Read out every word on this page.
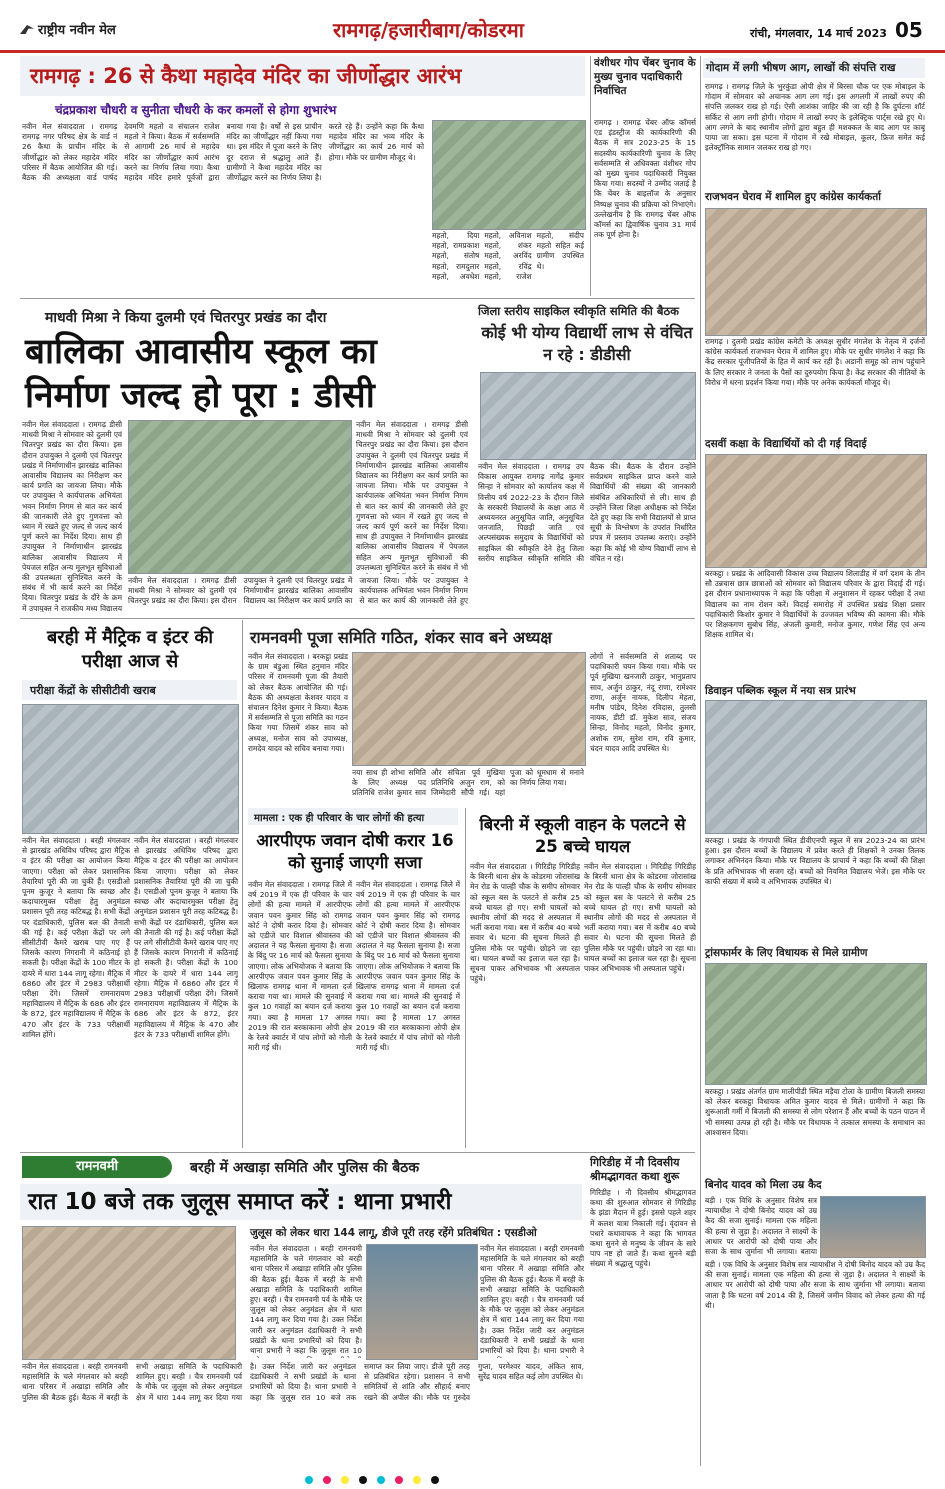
राष्ट्रीय नवीन मेल	रामगढ़/हजारीबाग/कोडरमा	रांची, मंगलवार, 14 मार्च 2023 05
रामगढ़ : 26 से कैथा महादेव मंदिर का जीर्णोद्धार आरंभ
चंद्रप्रकाश चौधरी व सुनीता चौधरी के कर कमलों से होगा शुभारंभ
नवीन मेल संवाददाता । रामगढ़ रामगढ़ नगर परिषद क्षेत्र के वार्ड नं 26 कैथा के प्राचीन मंदिर के जीर्णोद्धार को लेकर महादेव मंदिर परिसर में बैठक आयोजित की गई। बैठक की अध्यक्षता वार्ड पार्षद देवमणि महतो व संचालन राजेश महतो ने किया। बैठक में सर्वसम्मति से आगामी 26 मार्च से महादेव मंदिर का जीर्णोद्धार कार्य आरंभ करने का निर्णय लिया गया। कैथा महादेव मंदिर हमारे पूर्वजों द्वारा बनाया गया है। वर्षों से इस प्राचीन मंदिर का जीर्णोद्धार नहीं किया गया था। इस मंदिर में पूजा करने के लिए दूर दराज से श्रद्धालु आते हैं। ग्रामीणों ने कैथा महादेव मंदिर का जीर्णोद्धार करने का निर्णय लिया है। करते रहे हैं। उन्होंने कहा कि कैथा महादेव मंदिर का भव्य मंदिर के जीर्णोद्धार का कार्य 26 मार्च को होगा। मौके पर ग्रामीण मौजूद थे।
महतो, दिया महतो, रामप्रकाश महतो, संतोष महतो, रामदुलार महतो, अवधेश महतो, अविनाश महतो, शंकर महतो, अरविंद महतो, रविंद्र महतो, राजेश महतो, संदीप महतो सहित कई ग्रामीण उपस्थित थे।
वंशीधर गोप चेंबर चुनाव के मुख्य चुनाव पदाधिकारी निर्वाचित
रामगढ़ । रामगढ़ चेंबर ऑफ कॉमर्स एंड इंडस्ट्रीज की कार्यकारिणी की बैठक में सत्र 2023-25 के 15 सदस्यीय कार्यकारिणी चुनाव के लिए सर्वसम्मति से अधिवक्ता वंशीधर गोप को मुख्य चुनाव पदाधिकारी नियुक्त किया गया। सदस्यों ने उम्मीद जताई है कि चेंबर के बाइलॉज के अनुसार निष्पक्ष चुनाव की प्रक्रिया को निभाएंगे। उल्लेखनीय है कि रामगढ़ चेंबर ऑफ कॉमर्स का द्विवार्षिक चुनाव 31 मार्च तक पूर्ण होना है।
गोदाम में लगी भीषण आग, लाखों की संपत्ति राख
रामगढ़ । रामगढ़ जिले के भुरकुंडा ओपी क्षेत्र में बिरसा चौक पर एक मोबाइल के गोदाम में सोमवार को अचानक आग लग गई। इस अगलगी में लाखों रुपए की संपत्ति जलकर राख हो गई। ऐसी आशंका जाहिर की जा रही है कि दुर्घटना शॉर्ट सर्किट से आग लगी होगी। गोदाम में लाखों रुपए के इलेक्ट्रिक पार्ट्स रखे हुए थे। आग लगने के बाद स्थानीय लोगों द्वारा बहुत ही मशक्कत के बाद आग पर काबू पाया जा सका। इस घटना में गोदाम में रखे मोबाइल, कूलर, फ्रिज समेत कई इलेक्ट्रॉनिक सामान जलकर राख हो गए।
राजभवन घेराव में शामिल हुए कांग्रेस कार्यकर्ता
रामगढ़ । दुलमी प्रखंड कांग्रेस कमेटी के अध्यक्ष सुधीर मंगलेश के नेतृत्व में दर्जनों कांग्रेस कार्यकर्ता राजभवन घेराव में शामिल हुए। मौके पर सुधीर मंगलेश ने कहा कि केंद्र सरकार पूंजीपतियों के हित में कार्य कर रही है। अडानी समूह को लाभ पहुंचाने के लिए सरकार ने जनता के पैसों का दुरुपयोग किया है। केंद्र सरकार की नीतियों के विरोध में धरना प्रदर्शन किया गया। मौके पर अनेक कार्यकर्ता मौजूद थे।
माधवी मिश्रा ने किया दुलमी एवं चितरपुर प्रखंड का दौरा
बालिका आवासीय स्कूल का निर्माण जल्द हो पूरा : डीसी
नवीन मेल संवाददाता । रामगढ़ डीसी माधवी मिश्रा ने सोमवार को दुलमी एवं चितरपुर प्रखंड का दौरा किया। इस दौरान उपायुक्त ने दुलमी एवं चितरपुर प्रखंड में निर्माणाधीन झारखंड बालिका आवासीय विद्यालय का निरीक्षण कर कार्य प्रगति का जायजा लिया। मौके पर उपायुक्त ने कार्यपालक अभियंता भवन निर्माण निगम से बात कर कार्य की जानकारी लेते हुए गुणवत्ता को ध्यान में रखते हुए जल्द से जल्द कार्य पूर्ण करने का निर्देश दिया। साथ ही उपायुक्त ने निर्माणाधीन झारखंड बालिका आवासीय विद्यालय में पेयजल सहित अन्य मूलभूत सुविधाओं की उपलब्धता सुनिश्चित करने के संबंध में भी कार्य करने का निर्देश दिया। चितरपुर प्रखंड के दौरे के क्रम में उपायुक्त ने राजकीय मध्य विद्यालय
नवीन मेल संवाददाता । रामगढ़ डीसी माधवी मिश्रा ने सोमवार को दुलमी एवं चितरपुर प्रखंड का दौरा किया। इस दौरान उपायुक्त ने दुलमी एवं चितरपुर प्रखंड में निर्माणाधीन झारखंड बालिका आवासीय विद्यालय का निरीक्षण कर कार्य प्रगति का जायजा लिया। मौके पर उपायुक्त ने कार्यपालक अभियंता भवन निर्माण निगम से बात कर कार्य की जानकारी लेते हुए
नवीन मेल संवाददाता । रामगढ़ डीसी माधवी मिश्रा ने सोमवार को दुलमी एवं चितरपुर प्रखंड का दौरा किया। इस दौरान उपायुक्त ने दुलमी एवं चितरपुर प्रखंड में निर्माणाधीन झारखंड बालिका आवासीय विद्यालय का निरीक्षण कर कार्य प्रगति का जायजा लिया। मौके पर उपायुक्त ने कार्यपालक अभियंता भवन निर्माण निगम से बात कर कार्य की जानकारी लेते हुए गुणवत्ता को ध्यान में रखते हुए जल्द से जल्द कार्य पूर्ण करने का निर्देश दिया। साथ ही उपायुक्त ने निर्माणाधीन झारखंड बालिका आवासीय विद्यालय में पेयजल सहित अन्य मूलभूत सुविधाओं की उपलब्धता सुनिश्चित करने के संबंध में भी
जिला स्तरीय साइकिल स्वीकृति समिति की बैठक
कोई भी योग्य विद्यार्थी लाभ से वंचित न रहे : डीडीसी
नवीन मेल संवाददाता । रामगढ़ उप विकास आयुक्त रामगढ़ नागेंद्र कुमार सिन्हा ने सोमवार को कार्यालय कक्ष में वित्तीय वर्ष 2022-23 के दौरान जिले के सरकारी विद्यालयों के कक्षा आठ में अध्ययनरत अनुसूचित जाति, अनुसूचित जनजाति, पिछड़ी जाति एवं अल्पसंख्यक समुदाय के विद्यार्थियों को साइकिल की स्वीकृति देने हेतु जिला स्तरीय साइकिल स्वीकृति समिति की बैठक की। बैठक के दौरान उन्होंने सर्वप्रथम साइकिल प्राप्त करने वाले विद्यार्थियों की संख्या की जानकारी संबंधित अधिकारियों से ली। साथ ही उन्होंने जिला शिक्षा अधीक्षक को निर्देश देते हुए कहा कि सभी विद्यालयों से प्राप्त सूची के विश्लेषण के उपरांत निर्धारित प्रपत्र में प्रस्ताव उपलब्ध कराएं। उन्होंने कहा कि कोई भी योग्य विद्यार्थी लाभ से वंचित न रहे।
दसवीं कक्षा के विद्यार्थियों को दी गई विदाई
बरकट्ठा । प्रखंड के आदिवासी विकास उच्च विद्यालय शिलाडीह में वर्ग दशम के तीन सौ उन्नचास छात्र छात्राओं को सोमवार को विद्यालय परिवार के द्वारा विदाई दी गई। इस दौरान प्रधानाध्यापक ने कहा कि परीक्षा में अनुशासन में रहकर परीक्षा दें तथा विद्यालय का नाम रोशन करें। विदाई समारोह में उपस्थित प्रखंड शिक्षा प्रसार पदाधिकारी किशोर कुमार ने विद्यार्थियों के उज्जवल भविष्य की कामना की। मौके पर शिक्षकगण सुबोध सिंह, अंजली कुमारी, मनोज कुमार, गणेश सिंह एवं अन्य शिक्षक शामिल थे।
डिवाइन पब्लिक स्कूल में नया सत्र प्रारंभ
बरकट्ठा । प्रखंड के गंगपाची स्थित डीवीएनपी स्कूल में सत्र 2023-24 का प्रारंभ हुआ। इस दौरान बच्चों के विद्यालय में प्रवेश करते ही शिक्षकों ने उनका तिलक लगाकर अभिनंदन किया। मौके पर विद्यालय के प्राचार्य ने कहा कि बच्चों की शिक्षा के प्रति अभिभावक भी सजग रहें। बच्चों को नियमित विद्यालय भेजें। इस मौके पर काफी संख्या में बच्चे व अभिभावक उपस्थित थे।
ट्रांसफार्मर के लिए विधायक से मिले ग्रामीण
बरकट्ठा । प्रखंड अंतर्गत ग्राम मालीपीडी स्थित मड़ैया टोला के ग्रामीण बिजली समस्या को लेकर बरकट्ठा विधायक अमित कुमार यादव से मिले। ग्रामीणों ने कहा कि शुरूआती गर्मी में बिजली की समस्या से लोग परेशान हैं और बच्चों के पठन पाठन में भी समस्या उत्पन्न हो रही है। मौके पर विधायक ने तत्काल समस्या के समाधान का आश्वासन दिया।
बिनोद यादव को मिला उम्र कैद
बड़ी । एक विधि के अनुसार विशेष सत्र न्यायाधीश ने दोषी बिनोद यादव को उम्र कैद की सजा सुनाई। मामला एक महिला की हत्या से जुड़ा है। अदालत ने साक्ष्यों के आधार पर आरोपी को दोषी पाया और सजा के साथ जुर्माना भी लगाया। बताया
बड़ी । एक विधि के अनुसार विशेष सत्र न्यायाधीश ने दोषी बिनोद यादव को उम्र कैद की सजा सुनाई। मामला एक महिला की हत्या से जुड़ा है। अदालत ने साक्ष्यों के आधार पर आरोपी को दोषी पाया और सजा के साथ जुर्माना भी लगाया। बताया जाता है कि घटना वर्ष 2014 की है, जिसमें जमीन विवाद को लेकर हत्या की गई थी।
बरही में मैट्रिक व इंटर की परीक्षा आज से
परीक्षा केंद्रों के सीसीटीवी खराब
नवीन मेल संवाददाता । बरही मंगलवार से झारखंड अधिविध परिषद द्वारा मैट्रिक व इंटर की परीक्षा का आयोजन किया जाएगा। परीक्षा को लेकर प्रशासनिक तैयारियां पूरी की जा चुकी हैं। एसडीओ पूनम कुजूर ने बताया कि स्वच्छ और कदाचारमुक्त परीक्षा हेतु अनुमंडल प्रशासन पूरी तरह कटिबद्ध है। सभी केंद्रों पर दंडाधिकारी, पुलिस बल की तैनाती की गई है। कई परीक्षा केंद्रों पर लगे सीसीटीवी कैमरे खराब पाए गए हैं जिसके कारण निगरानी में कठिनाई हो सकती है। परीक्षा केंद्रों के 100 मीटर के दायरे में धारा 144 लागू रहेगा। मैट्रिक में 6860 और इंटर में 2983 परीक्षार्थी परीक्षा देंगे। जिसमें रामनारायण महाविद्यालय में मैट्रिक के 686 और इंटर के 872, इंटर महाविद्यालय में मैट्रिक के 470 और इंटर के 733 परीक्षार्थी शामिल होंगे।
नवीन मेल संवाददाता । बरही मंगलवार से झारखंड अधिविध परिषद द्वारा मैट्रिक व इंटर की परीक्षा का आयोजन किया जाएगा। परीक्षा को लेकर प्रशासनिक तैयारियां पूरी की जा चुकी हैं। एसडीओ पूनम कुजूर ने बताया कि स्वच्छ और कदाचारमुक्त परीक्षा हेतु अनुमंडल प्रशासन पूरी तरह कटिबद्ध है। सभी केंद्रों पर दंडाधिकारी, पुलिस बल की तैनाती की गई है। कई परीक्षा केंद्रों पर लगे सीसीटीवी कैमरे खराब पाए गए हैं जिसके कारण निगरानी में कठिनाई हो सकती है। परीक्षा केंद्रों के 100 मीटर के दायरे में धारा 144 लागू रहेगा। मैट्रिक में 6860 और इंटर में 2983 परीक्षार्थी परीक्षा देंगे। जिसमें रामनारायण महाविद्यालय में मैट्रिक के 686 और इंटर के 872, इंटर महाविद्यालय में मैट्रिक के 470 और इंटर के 733 परीक्षार्थी शामिल होंगे।
रामनवमी पूजा समिति गठित, शंकर साव बने अध्यक्ष
नवीन मेल संवाददाता । बरकट्ठा प्रखंड के ग्राम बंडुआ स्थित हनुमान मंदिर परिसर में रामनवमी पूजा की तैयारी को लेकर बैठक आयोजित की गई। बैठक की अध्यक्षता केशवर यादव व संचालन दिनेश कुमार ने किया। बैठक में सर्वसम्मति से पूजा समिति का गठन किया गया जिसमें शंकर साव को अध्यक्ष, मनोज साव को उपाध्यक्ष, रामदेव यादव को सचिव बनाया गया।
नया साथ ही शोभा समिति के लिए अध्यक्ष पद प्रतिनिधि राजेश कुमार साव और संचिता पूर्व मुखिया प्रतिनिधि अजुन राम, को जिम्मेदारी सौंपी गई। यहां पूजा को धूमधाम से मनाने का निर्णय लिया गया।
लोगों ने सर्वसम्मति से शताब्द पर पदाधिकारी चयन किया गया। मौके पर पूर्व मुखिया खनजारी ठाकुर, भानुप्रताप साव, अर्जुन ठाकुर, नंदू राणा, रामेश्वर राणा, अर्जुन नायक, दिलीप मेहता, मनीष पांडेय, दिनेश रविदास, तुलसी नायक, डीटी डॉ. मुकेश साव, संजय सिन्हा, विनोद महतो, विनोद कुमार, अशोक राम, सुरेश राम, रवि कुमार, चंदन यादव आदि उपस्थित थे।
मामला : एक ही परिवार के चार लोगों की हत्या
आरपीएफ जवान दोषी करार 16 को सुनाई जाएगी सजा
नवीन मेल संवाददाता । रामगढ़ जिले में वर्ष 2019 में एक ही परिवार के चार लोगों की हत्या मामले में आरपीएफ जवान पवन कुमार सिंह को रामगढ़ कोर्ट ने दोषी करार दिया है। सोमवार को एडीजे चार विशाल श्रीवास्तव की अदालत ने यह फैसला सुनाया है। सजा के बिंदु पर 16 मार्च को फैसला सुनाया जाएगा। लोक अभियोजक ने बताया कि आरपीएफ जवान पवन कुमार सिंह के खिलाफ रामगढ़ थाना में मामला दर्ज कराया गया था। मामले की सुनवाई में कुल 10 गवाहों का बयान दर्ज कराया गया। क्या है मामला 17 अगस्त 2019 की रात बरकाकाना ओपी क्षेत्र के रेलवे क्वार्टर में पांच लोगों को गोली मारी गई थी।
नवीन मेल संवाददाता । रामगढ़ जिले में वर्ष 2019 में एक ही परिवार के चार लोगों की हत्या मामले में आरपीएफ जवान पवन कुमार सिंह को रामगढ़ कोर्ट ने दोषी करार दिया है। सोमवार को एडीजे चार विशाल श्रीवास्तव की अदालत ने यह फैसला सुनाया है। सजा के बिंदु पर 16 मार्च को फैसला सुनाया जाएगा। लोक अभियोजक ने बताया कि आरपीएफ जवान पवन कुमार सिंह के खिलाफ रामगढ़ थाना में मामला दर्ज कराया गया था। मामले की सुनवाई में कुल 10 गवाहों का बयान दर्ज कराया गया। क्या है मामला 17 अगस्त 2019 की रात बरकाकाना ओपी क्षेत्र के रेलवे क्वार्टर में पांच लोगों को गोली मारी गई थी।
बिरनी में स्कूली वाहन के पलटने से 25 बच्चे घायल
नवीन मेल संवाददाता । गिरिडीह गिरिडीह के बिरनी थाना क्षेत्र के कोडरमा जोरासांख मेन रोड के पाल्ही चौक के समीप सोमवार को स्कूल बस के पलटने से करीब 25 बच्चे घायल हो गए। सभी घायलों को स्थानीय लोगों की मदद से अस्पताल में भर्ती कराया गया। बस में करीब 40 बच्चे सवार थे। घटना की सूचना मिलते ही पुलिस मौके पर पहुंची। छोड़ने जा रहा था। घायल बच्चों का इलाज चल रहा है। सूचना पाकर अभिभावक भी अस्पताल पहुंचे।
नवीन मेल संवाददाता । गिरिडीह गिरिडीह के बिरनी थाना क्षेत्र के कोडरमा जोरासांख मेन रोड के पाल्ही चौक के समीप सोमवार को स्कूल बस के पलटने से करीब 25 बच्चे घायल हो गए। सभी घायलों को स्थानीय लोगों की मदद से अस्पताल में भर्ती कराया गया। बस में करीब 40 बच्चे सवार थे। घटना की सूचना मिलते ही पुलिस मौके पर पहुंची। छोड़ने जा रहा था। घायल बच्चों का इलाज चल रहा है। सूचना पाकर अभिभावक भी अस्पताल पहुंचे।
गिरिडीह में नौ दिवसीय श्रीमद्भागवत कथा शुरू
गिरिडीह । नौ दिवसीय श्रीमद्भागवत कथा की शुरुआत सोमवार से गिरिडीह के झंडा मैदान में हुई। इससे पहले शहर में कलश यात्रा निकाली गई। वृंदावन से पधारे कथावाचक ने कहा कि भागवत कथा सुनने से मनुष्य के जीवन के सारे पाप नष्ट हो जाते हैं। कथा सुनने बड़ी संख्या में श्रद्धालु पहुंचे।
रामनवमी	बरही में अखाड़ा समिति और पुलिस की बैठक
रात 10 बजे तक जुलूस समाप्त करें : थाना प्रभारी
जुलूस को लेकर धारा 144 लागू, डीजे पूरी तरह रहेंगे प्रतिबंधित : एसडीओ
नवीन मेल संवाददाता । बरही रामनवमी महासमिति के चले मंगलवार को बरही थाना परिसर में अखाड़ा समिति और पुलिस की बैठक हुई। बैठक में बरही के सभी अखाड़ा समिति के पदाधिकारी शामिल हुए। बरही । चैत्र रामनवमी पर्व के मौके पर जुलूस को लेकर अनुमंडल क्षेत्र में धारा 144 लागू कर दिया गया है। उक्त निर्देश जारी कर अनुमंडल दंडाधिकारी ने सभी प्रखंडों के थाना प्रभारियों को दिया है। थाना प्रभारी ने कहा कि जुलूस रात 10
नवीन मेल संवाददाता । बरही रामनवमी महासमिति के चले मंगलवार को बरही थाना परिसर में अखाड़ा समिति और पुलिस की बैठक हुई। बैठक में बरही के सभी अखाड़ा समिति के पदाधिकारी शामिल हुए। बरही । चैत्र रामनवमी पर्व के मौके पर जुलूस को लेकर अनुमंडल क्षेत्र में धारा 144 लागू कर दिया गया है। उक्त निर्देश जारी कर अनुमंडल दंडाधिकारी ने सभी प्रखंडों के थाना प्रभारियों को दिया है। थाना प्रभारी ने
नवीन मेल संवाददाता । बरही रामनवमी महासमिति के चले मंगलवार को बरही थाना परिसर में अखाड़ा समिति और पुलिस की बैठक हुई। बैठक में बरही के सभी अखाड़ा समिति के पदाधिकारी शामिल हुए। बरही । चैत्र रामनवमी पर्व के मौके पर जुलूस को लेकर अनुमंडल क्षेत्र में धारा 144 लागू कर दिया गया है। उक्त निर्देश जारी कर अनुमंडल दंडाधिकारी ने सभी प्रखंडों के थाना प्रभारियों को दिया है। थाना प्रभारी ने कहा कि जुलूस रात 10 बजे तक समाप्त कर लिया जाए। डीजे पूरी तरह से प्रतिबंधित रहेगा। प्रशासन ने सभी समितियों से शांति और सौहार्द बनाए रखने की अपील की। मौके पर गुरुदेव गुप्ता, परमेश्वर यादव, अंकित साव, सुरेंद्र यादव सहित कई लोग उपस्थित थे।
